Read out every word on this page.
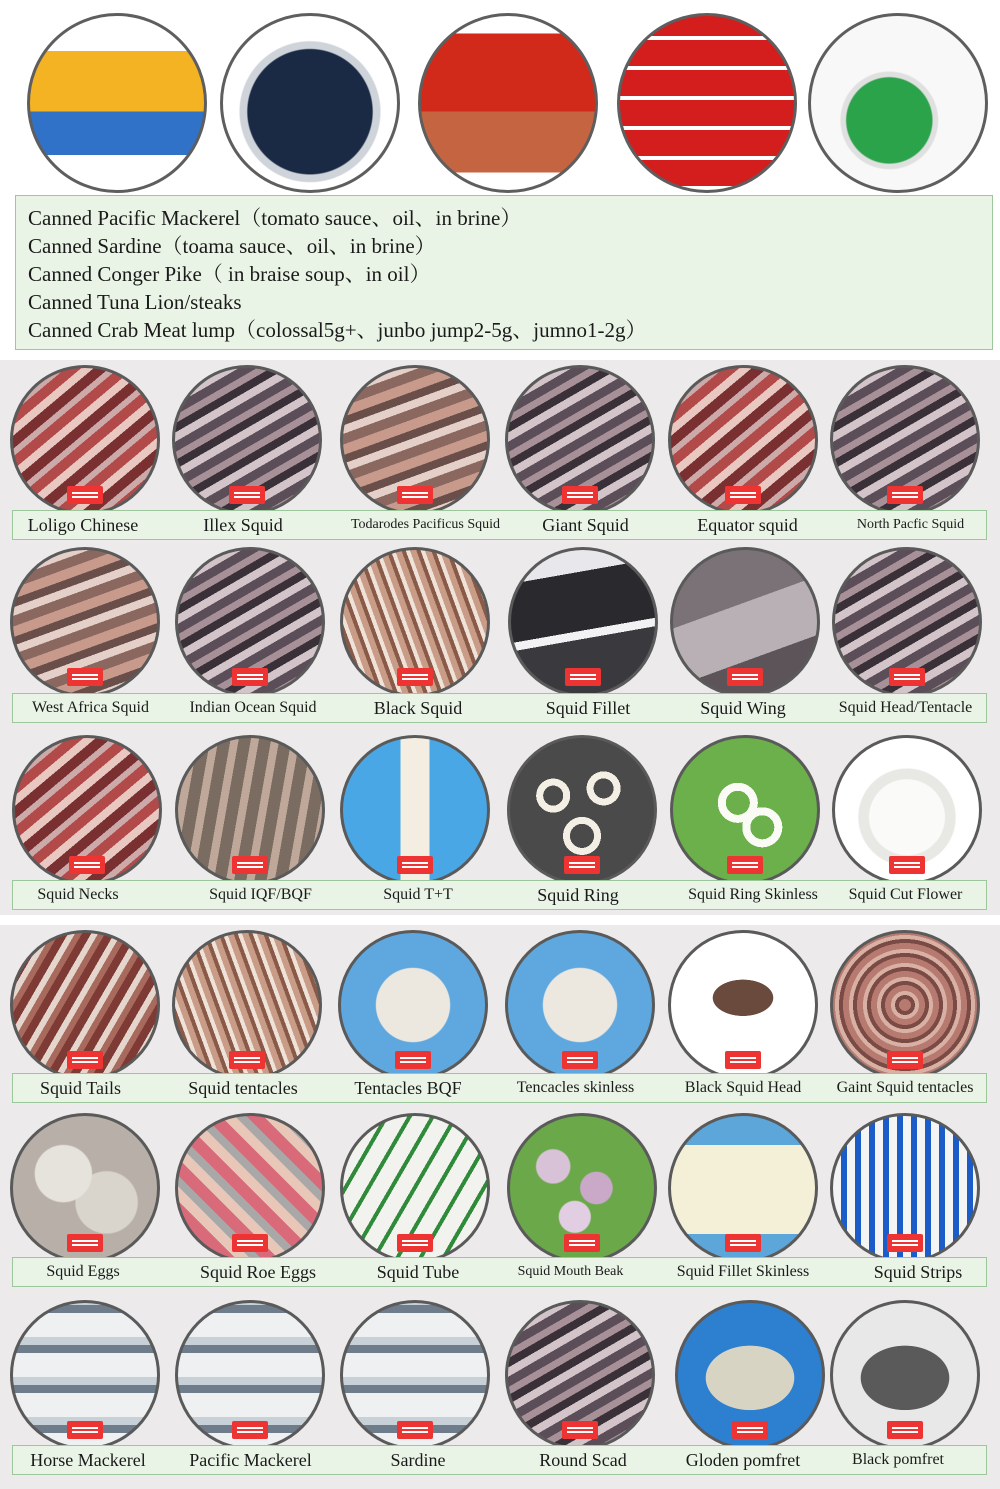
Canned Pacific Mackerel（tomato sauce、oil、in brine）
Canned Sardine（toama sauce、oil、in brine）
Canned Conger Pike（ in braise soup、in oil）
Canned Tuna Lion/steaks
Canned Crab Meat lump（colossal5g+、junbo jump2-5g、jumno1-2g）
Loligo Chinese	Illex Squid	Todarodes Pacificus Squid	Giant Squid	Equator squid	North Pacfic Squid
West Africa Squid	Indian Ocean Squid	Black Squid	Squid Fillet	Squid Wing	Squid Head/Tentacle
Squid Necks	Squid IQF/BQF	Squid T+T	Squid Ring	Squid Ring Skinless	Squid Cut Flower
Squid Tails	Squid tentacles	Tentacles BQF	Tencacles skinless	Black Squid Head	Gaint Squid tentacles
Squid Eggs	Squid Roe Eggs	Squid Tube	Squid Mouth Beak	Squid Fillet Skinless	Squid Strips
Horse Mackerel	Pacific Mackerel	Sardine	Round Scad	Gloden pomfret	Black pomfret
